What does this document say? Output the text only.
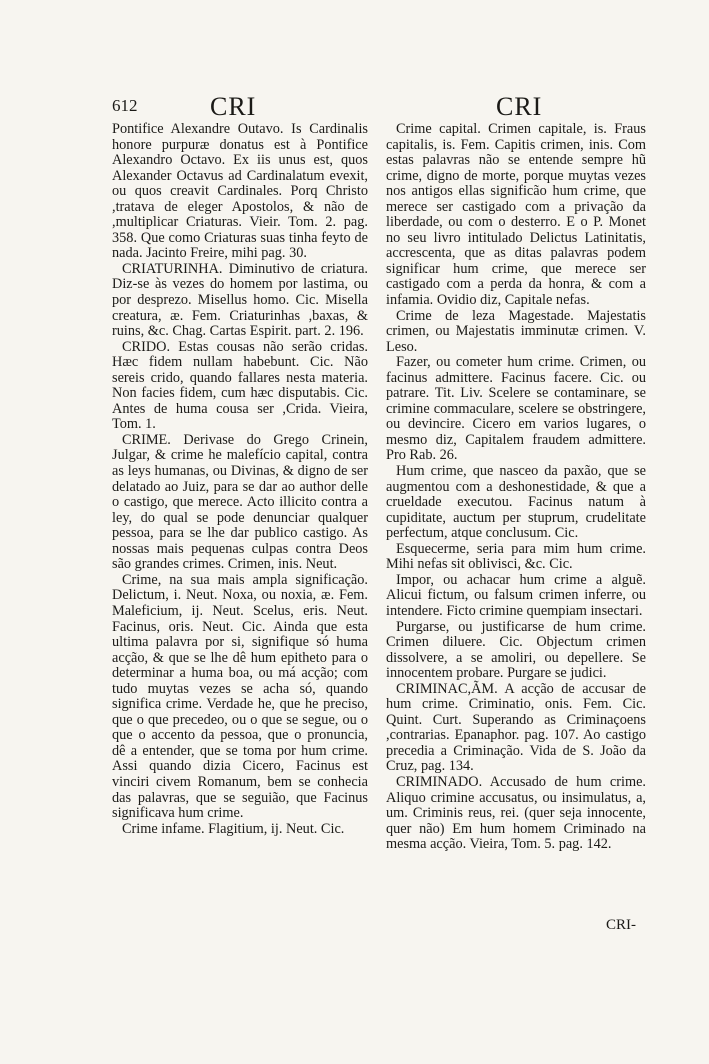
612	CRI	CRI

Pontifice Alexandre Outavo. Is Cardinalis honore purpuræ donatus est à Pontifice Alexandro Octavo. Ex iis unus est, quos Alexander Octavus ad Cardinalatum evexit, ou quos creavit Cardinales. Porq Christo ,tratava de eleger Apostolos, & não de ,multiplicar Criaturas. Vieir. Tom. 2. pag. 358. Que como Criaturas suas tinha feyto de nada. Jacinto Freire, mihi pag. 30.

CRIATURINHA. Diminutivo de criatura. Diz-se às vezes do homem por lastima, ou por desprezo. Misellus homo. Cic. Misella creatura, æ. Fem. Criaturinhas ,baxas, & ruins, &c. Chag. Cartas Espirit. part. 2. 196.

CRIDO. Estas cousas não serão cridas. Hæc fidem nullam habebunt. Cic. Não sereis crido, quando fallares nesta materia. Non facies fidem, cum hæc disputabis. Cic. Antes de huma cousa ser ,Crida. Vieira, Tom. 1.

CRIME. Derivase do Grego Crinein, Julgar, & crime he malefício capital, contra as leys humanas, ou Divinas, & digno de ser delatado ao Juiz, para se dar ao author delle o castigo, que merece. Acto illicito contra a ley, do qual se pode denunciar qualquer pessoa, para se lhe dar publico castigo. As nossas mais pequenas culpas contra Deos são grandes crimes. Crimen, inis. Neut.

Crime, na sua mais ampla significação. Delictum, i. Neut. Noxa, ou noxia, æ. Fem. Maleficium, ij. Neut. Scelus, eris. Neut. Facinus, oris. Neut. Cic. Ainda que esta ultima palavra por si, signifique só huma acção, & que se lhe dê hum epitheto para o determinar a huma boa, ou má acção; com tudo muytas vezes se acha só, quando significa crime. Verdade he, que he preciso, que o que precedeo, ou o que se segue, ou o que o accento da pessoa, que o pronuncia, dê a entender, que se toma por hum crime. Assi quando dizia Cicero, Facinus est vinciri civem Romanum, bem se conhecia das palavras, que se seguião, que Facinus significava hum crime.

Crime infame. Flagitium, ij. Neut. Cic.

Crime capital. Crimen capitale, is. Fraus capitalis, is. Fem. Capitis crimen, inis. Com estas palavras não se entende sempre hũ crime, digno de morte, porque muytas vezes nos antigos ellas significão hum crime, que merece ser castigado com a privação da liberdade, ou com o desterro. E o P. Monet no seu livro intitulado Delictus Latinitatis, accrescenta, que as ditas palavras podem significar hum crime, que merece ser castigado com a perda da honra, & com a infamia. Ovidio diz, Capitale nefas.

Crime de leza Magestade. Majestatis crimen, ou Majestatis imminutæ crimen. V. Leso.

Fazer, ou cometer hum crime. Crimen, ou facinus admittere. Facinus facere. Cic. ou patrare. Tit. Liv. Scelere se contaminare, se crimine commaculare, scelere se obstringere, ou devincire. Cicero em varios lugares, o mesmo diz, Capitalem fraudem admittere. Pro Rab. 26.

Hum crime, que nasceo da paxão, que se augmentou com a deshonestidade, & que a crueldade executou. Facinus natum à cupiditate, auctum per stuprum, crudelitate perfectum, atque conclusum. Cic.

Esquecerme, seria para mim hum crime. Mihi nefas sit oblivisci, &c. Cic.

Impor, ou achacar hum crime a alguẽ. Alicui fictum, ou falsum crimen inferre, ou intendere. Ficto crimine quempiam insectari.

Purgarse, ou justificarse de hum crime. Crimen diluere. Cic. Objectum crimen dissolvere, a se amoliri, ou depellere. Se innocentem probare. Purgare se judici.

CRIMINAC,ÃM. A acção de accusar de hum crime. Criminatio, onis. Fem. Cic. Quint. Curt. Superando as Criminaçoens ,contrarias. Epanaphor. pag. 107. Ao castigo precedia a Criminação. Vida de S. João da Cruz, pag. 134.

CRIMINADO. Accusado de hum crime. Aliquo crimine accusatus, ou insimulatus, a, um. Criminis reus, rei. (quer seja innocente, quer não) Em hum homem Criminado na mesma acção. Vieira, Tom. 5. pag. 142.

CRI-
